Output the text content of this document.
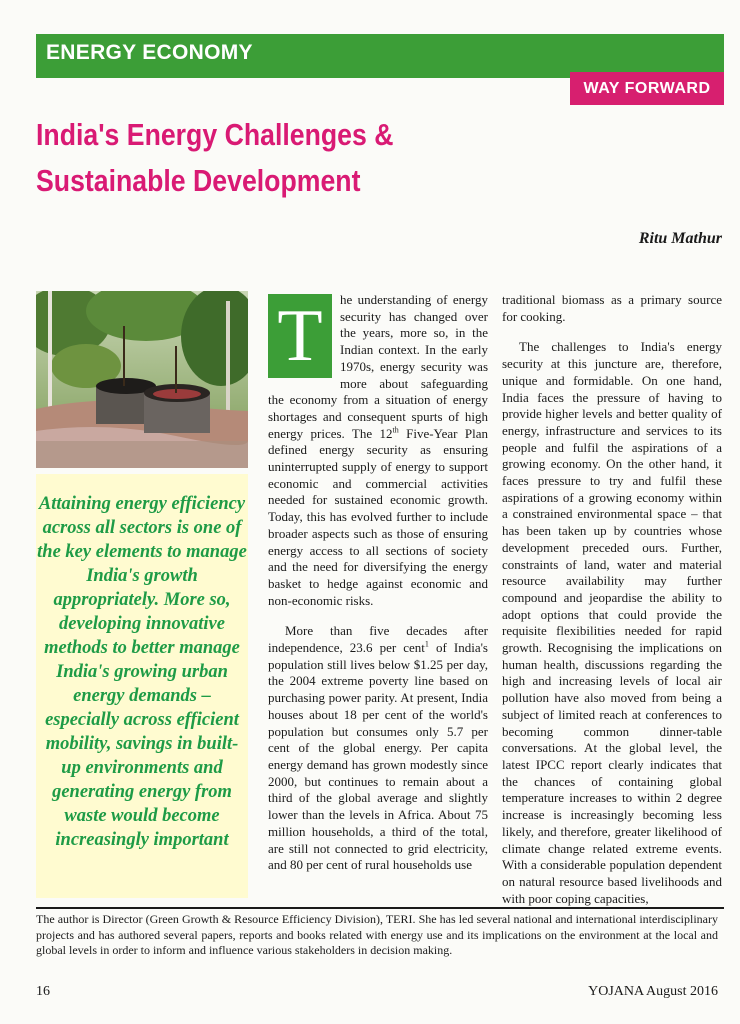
ENERGY ECONOMY
WAY FORWARD
India's Energy Challenges & Sustainable Development
Ritu Mathur

Attaining energy efficiency across all sectors is one of the key elements to manage India's growth appropriately. More so, developing innovative methods to better manage India's growing urban energy demands – especially across efficient mobility, savings in built-up environments and generating energy from waste would become increasingly important

T	he understanding of energy security has changed over the years, more so, in the Indian context. In the early 1970s, energy security was more about safeguarding the economy from a situation of energy shortages and consequent spurts of high energy prices. The 12th Five-Year Plan defined energy security as ensuring uninterrupted supply of energy to support economic and commercial activities needed for sustained economic growth. Today, this has evolved further to include broader aspects such as those of ensuring energy access to all sections of society and the need for diversifying the energy basket to hedge against economic and non-economic risks.

More than five decades after independence, 23.6 per cent$^1$ of India's population still lives below $1.25 per day, the 2004 extreme poverty line based on purchasing power parity. At present, India houses about 18 per cent of the world's population but consumes only 5.7 per cent of the global energy. Per capita energy demand has grown modestly since 2000, but continues to remain about a third of the global average and slightly lower than the levels in Africa. About 75 million households, a third of the total, are still not connected to grid electricity, and 80 per cent of rural households use

traditional biomass as a primary source for cooking.

The challenges to India's energy security at this juncture are, therefore, unique and formidable. On one hand, India faces the pressure of having to provide higher levels and better quality of energy, infrastructure and services to its people and fulfil the aspirations of a growing economy. On the other hand, it faces pressure to try and fulfil these aspirations of a growing economy within a constrained environmental space – that has been taken up by countries whose development preceded ours. Further, constraints of land, water and material resource availability may further compound and jeopardise the ability to adopt options that could provide the requisite flexibilities needed for rapid growth. Recognising the implications on human health, discussions regarding the high and increasing levels of local air pollution have also moved from being a subject of limited reach at conferences to becoming common dinner-table conversations. At the global level, the latest IPCC report clearly indicates that the chances of containing global temperature increases to within 2 degree increase is increasingly becoming less likely, and therefore, greater likelihood of climate change related extreme events. With a considerable population dependent on natural resource based livelihoods and with poor coping capacities,

The author is Director (Green Growth & Resource Efficiency Division), TERI. She has led several national and international interdisciplinary projects and has authored several papers, reports and books related with energy use and its implications on the environment at the local and global levels in order to inform and influence various stakeholders in decision making.

16	YOJANA August 2016
